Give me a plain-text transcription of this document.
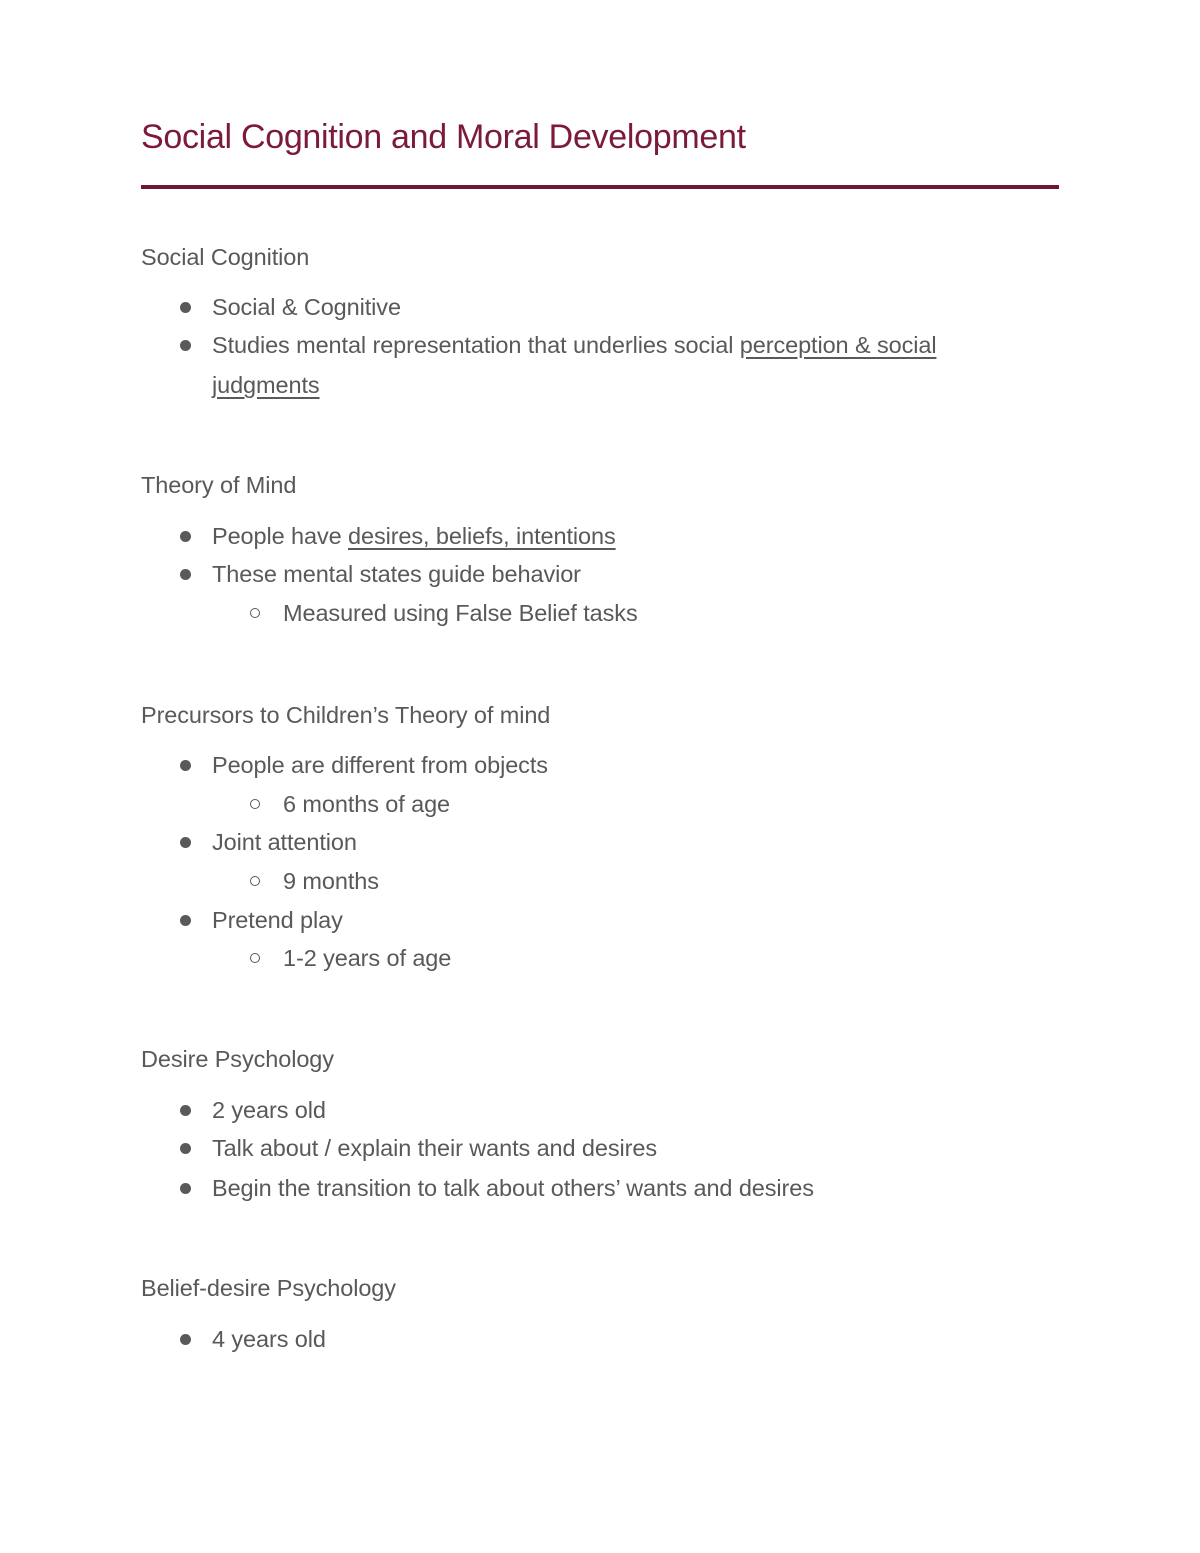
Social Cognition and Moral Development
Social Cognition
Social & Cognitive
Studies mental representation that underlies social perception & social
judgments
Theory of Mind
People have desires, beliefs, intentions
These mental states guide behavior
Measured using False Belief tasks
Precursors to Children’s Theory of mind
People are different from objects
6 months of age
Joint attention
9 months
Pretend play
1-2 years of age
Desire Psychology
2 years old
Talk about / explain their wants and desires
Begin the transition to talk about others’ wants and desires
Belief-desire Psychology
4 years old
